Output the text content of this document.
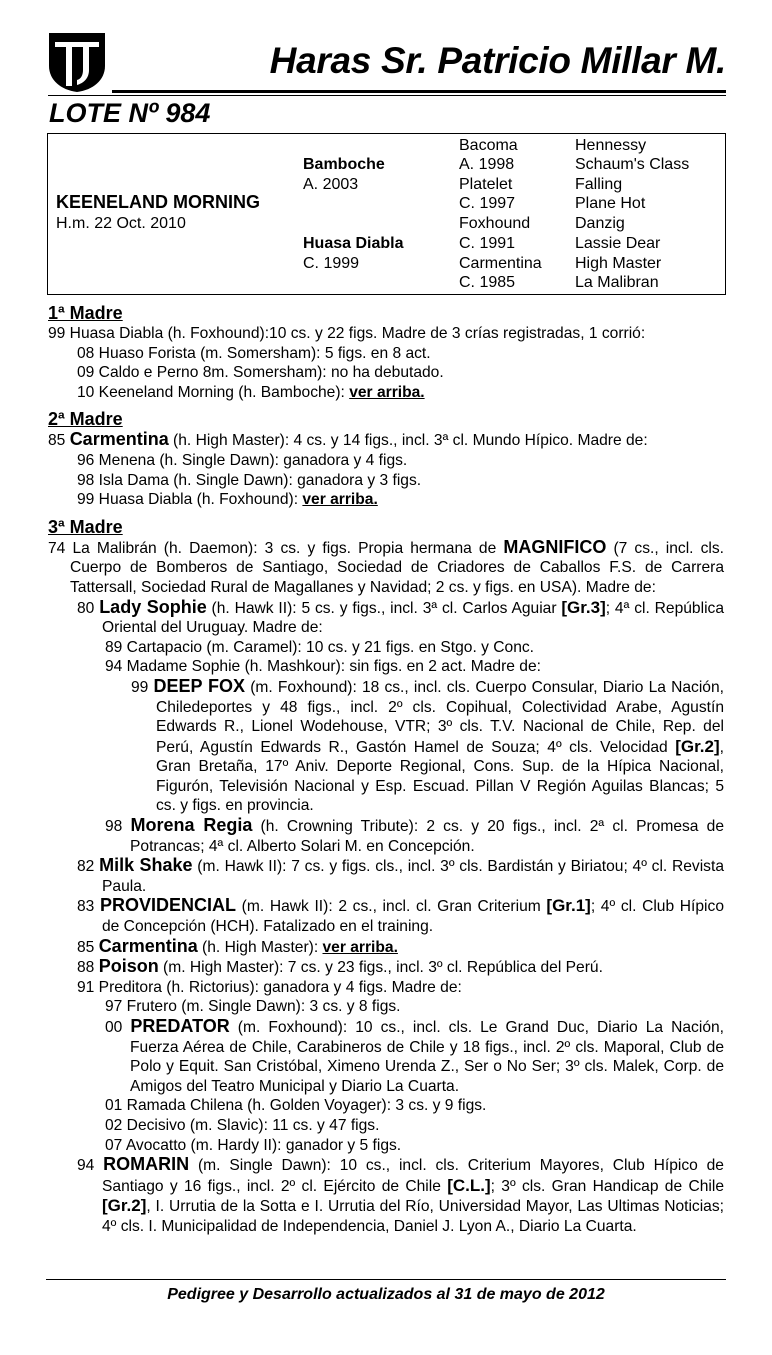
Haras Sr. Patricio Millar M.
LOTE Nº 984
KEENELAND MORNING
H.m. 22 Oct. 2010
Bamboche
A. 2003
Huasa Diabla
C. 1999
Bacoma
A. 1998
Platelet
C. 1997
Foxhound
C. 1991
Carmentina
C. 1985
Hennessy
Schaum's Class
Falling
Plane Hot
Danzig
Lassie Dear
High Master
La Malibran
1ª Madre
99 Huasa Diabla (h. Foxhound):10 cs. y 22 figs. Madre de 3 crías registradas, 1 corrió:
08 Huaso Forista (m. Somersham): 5 figs. en 8 act.
09 Caldo e Perno 8m. Somersham): no ha debutado.
10 Keeneland Morning (h. Bamboche): ver arriba.
2ª Madre
85 Carmentina (h. High Master): 4 cs. y 14 figs., incl. 3ª cl. Mundo Hípico. Madre de:
96 Menena (h. Single Dawn): ganadora y 4 figs.
98 Isla Dama (h. Single Dawn): ganadora y 3 figs.
99 Huasa Diabla (h. Foxhound): ver arriba.
3ª Madre
74 La Malibrán (h. Daemon): 3 cs. y figs. Propia hermana de MAGNIFICO (7 cs., incl. cls. Cuerpo de Bomberos de Santiago, Sociedad de Criadores de Caballos F.S. de Carrera Tattersall, Sociedad Rural de Magallanes y Navidad; 2 cs. y figs. en USA). Madre de:
80 Lady Sophie (h. Hawk II): 5 cs. y figs., incl. 3ª cl. Carlos Aguiar [Gr.3]; 4ª cl. República Oriental del Uruguay. Madre de:
89 Cartapacio (m. Caramel): 10 cs. y 21 figs. en Stgo. y Conc.
94 Madame Sophie (h. Mashkour): sin figs. en 2 act. Madre de:
99 DEEP FOX (m. Foxhound): 18 cs., incl. cls. Cuerpo Consular, Diario La Nación, Chiledeportes y 48 figs., incl. 2º cls. Copihual, Colectividad Arabe, Agustín Edwards R., Lionel Wodehouse, VTR; 3º cls. T.V. Nacional de Chile, Rep. del Perú, Agustín Edwards R., Gastón Hamel de Souza; 4º cls. Velocidad [Gr.2], Gran Bretaña, 17º Aniv. Deporte Regional, Cons. Sup. de la Hípica Nacional, Figurón, Televisión Nacional y Esp. Escuad. Pillan V Región Aguilas Blancas; 5 cs. y figs. en provincia.
98 Morena Regia (h. Crowning Tribute): 2 cs. y 20 figs., incl. 2ª cl. Promesa de Potrancas; 4ª cl. Alberto Solari M. en Concepción.
82 Milk Shake (m. Hawk II): 7 cs. y figs. cls., incl. 3º cls. Bardistán y Biriatou; 4º cl. Revista Paula.
83 PROVIDENCIAL (m. Hawk II): 2 cs., incl. cl. Gran Criterium [Gr.1]; 4º cl. Club Hípico de Concepción (HCH). Fatalizado en el training.
85 Carmentina (h. High Master): ver arriba.
88 Poison (m. High Master): 7 cs. y 23 figs., incl. 3º cl. República del Perú.
91 Preditora (h. Rictorius): ganadora y 4 figs. Madre de:
97 Frutero (m. Single Dawn): 3 cs. y 8 figs.
00 PREDATOR (m. Foxhound): 10 cs., incl. cls. Le Grand Duc, Diario La Nación, Fuerza Aérea de Chile, Carabineros de Chile y 18 figs., incl. 2º cls. Maporal, Club de Polo y Equit. San Cristóbal, Ximeno Urenda Z., Ser o No Ser; 3º cls. Malek, Corp. de Amigos del Teatro Municipal y Diario La Cuarta.
01 Ramada Chilena (h. Golden Voyager): 3 cs. y 9 figs.
02 Decisivo (m. Slavic): 11 cs. y 47 figs.
07 Avocatto (m. Hardy II): ganador y 5 figs.
94 ROMARIN (m. Single Dawn): 10 cs., incl. cls. Criterium Mayores, Club Hípico de Santiago y 16 figs., incl. 2º cl. Ejército de Chile [C.L.]; 3º cls. Gran Handicap de Chile [Gr.2], I. Urrutia de la Sotta e I. Urrutia del Río, Universidad Mayor, Las Ultimas Noticias; 4º cls. I. Municipalidad de Independencia, Daniel J. Lyon A., Diario La Cuarta.
Pedigree y Desarrollo actualizados al 31 de mayo de 2012
